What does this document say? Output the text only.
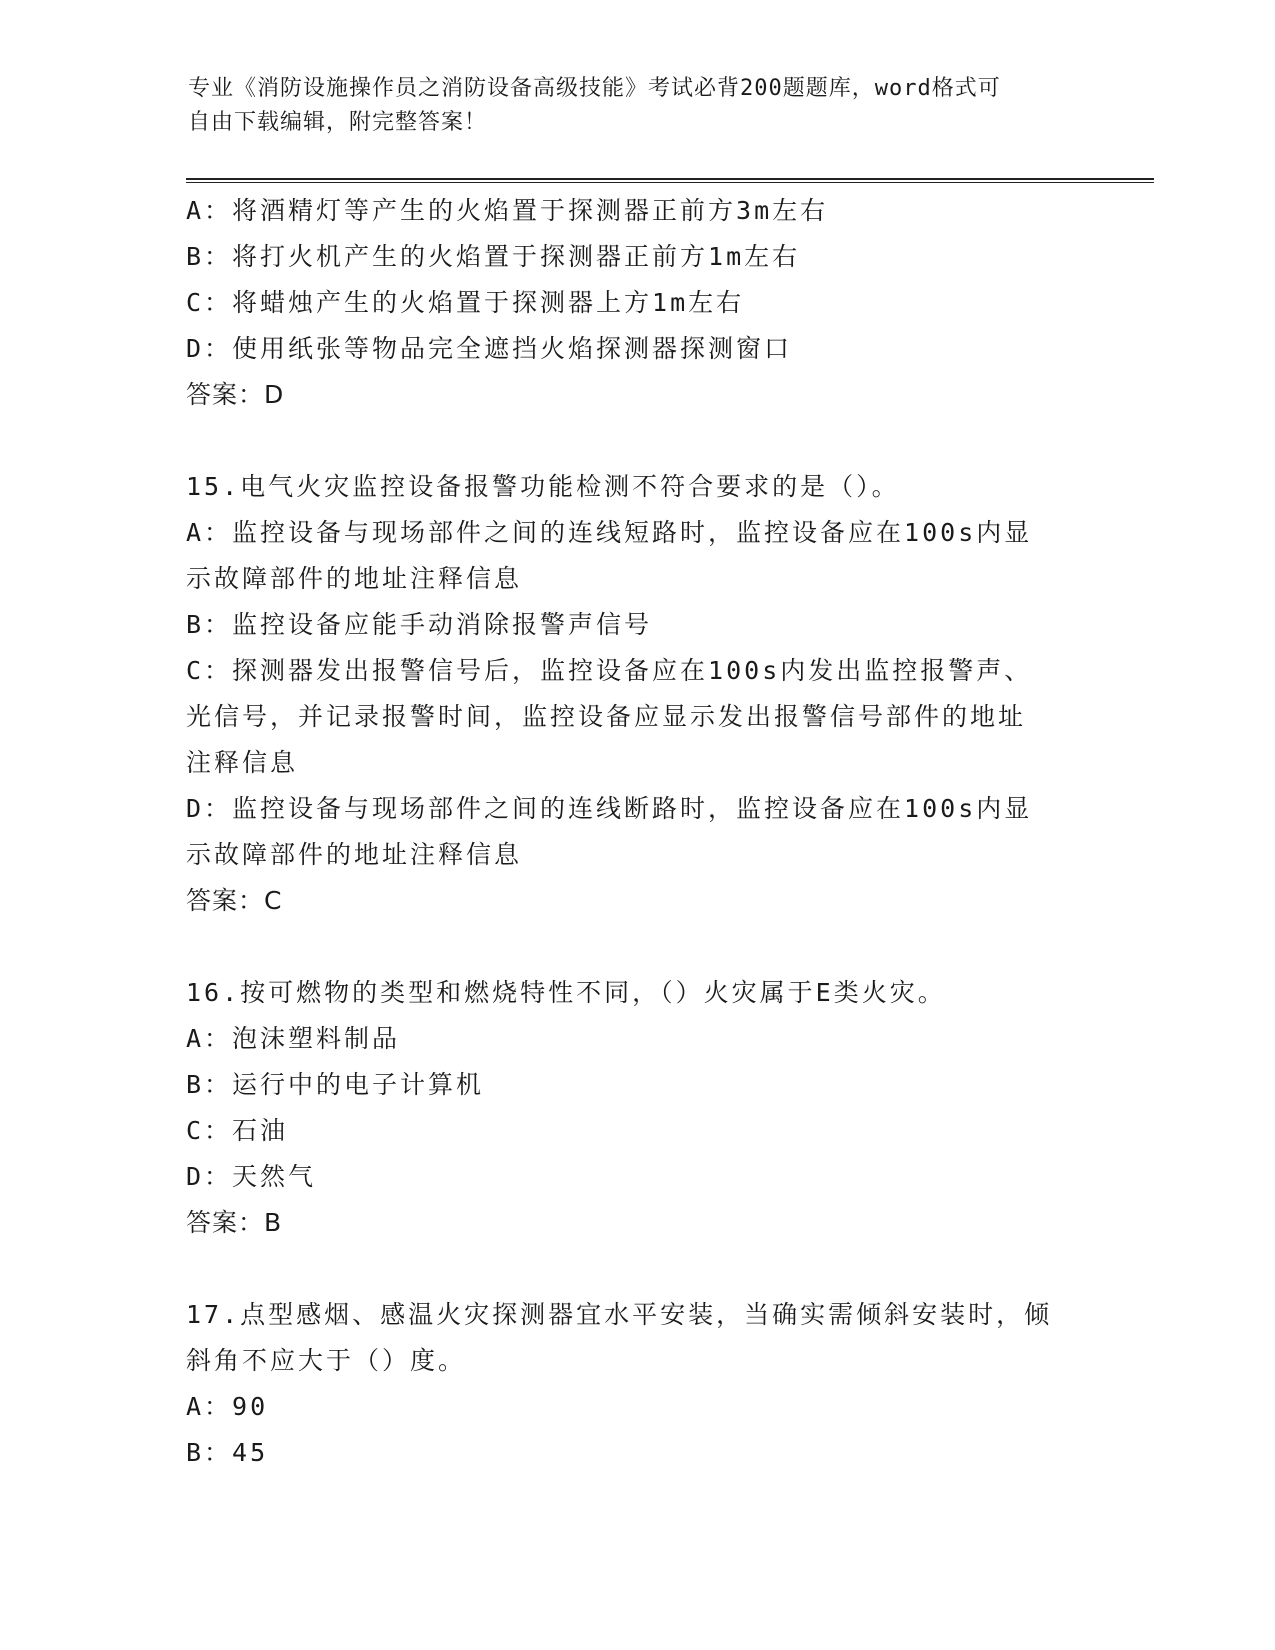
专业《消防设施操作员之消防设备高级技能》考试必背200题题库，word格式可
自由下载编辑，附完整答案！
A：将酒精灯等产生的火焰置于探测器正前方3m左右
B：将打火机产生的火焰置于探测器正前方1m左右
C：将蜡烛产生的火焰置于探测器上方1m左右
D：使用纸张等物品完全遮挡火焰探测器探测窗口
答案：D
15.电气火灾监控设备报警功能检测不符合要求的是（）。
A：监控设备与现场部件之间的连线短路时，监控设备应在100s内显
示故障部件的地址注释信息
B：监控设备应能手动消除报警声信号
C：探测器发出报警信号后，监控设备应在100s内发出监控报警声、
光信号，并记录报警时间，监控设备应显示发出报警信号部件的地址
注释信息
D：监控设备与现场部件之间的连线断路时，监控设备应在100s内显
示故障部件的地址注释信息
答案：C
16.按可燃物的类型和燃烧特性不同，（）火灾属于E类火灾。
A：泡沫塑料制品
B：运行中的电子计算机
C：石油
D：天然气
答案：B
17.点型感烟、感温火灾探测器宜水平安装，当确实需倾斜安装时，倾
斜角不应大于（）度。
A：90
B：45
